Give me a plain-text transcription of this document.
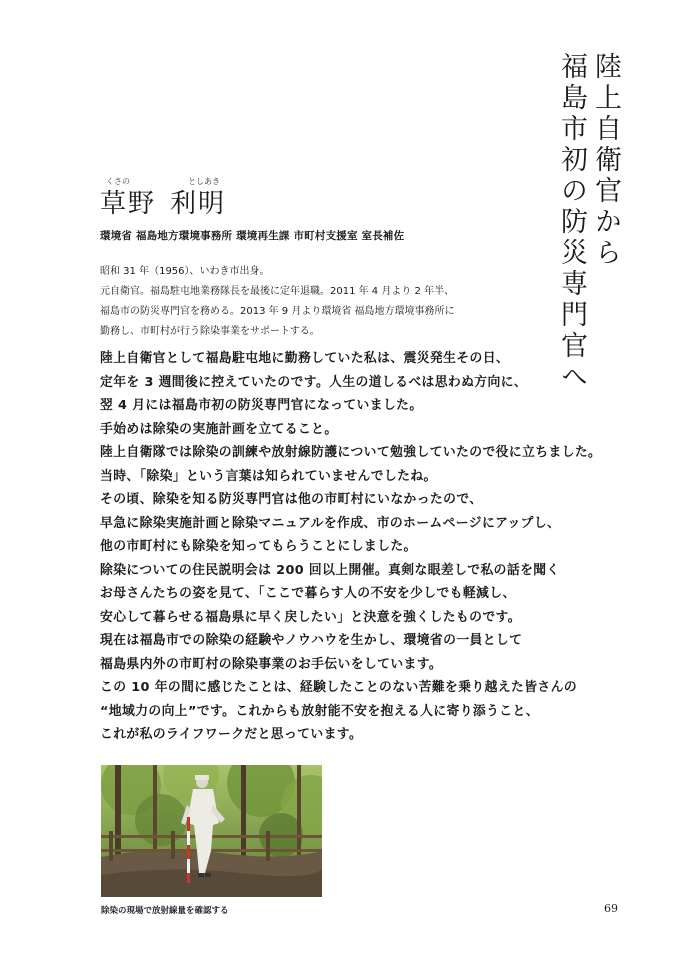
陸上自衛官から
福島市初の防災専門官へ
くさの	としあき
草野 利明
環境省 福島地方環境事務所 環境再生課 市町村支援室 室長補佐
昭和 31 年（1956）、いわき市出身。
元自衛官。福島駐屯地業務隊長を最後に定年退職。2011 年 4 月より 2 年半、
福島市の防災専門官を務める。2013 年 9 月より環境省 福島地方環境事務所に
勤務し、市町村が行う除染事業をサポートする。
陸上自衛官として福島駐屯地に勤務していた私は、震災発生その日、
定年を 3 週間後に控えていたのです。人生の道しるべは思わぬ方向に、
翌 4 月には福島市初の防災専門官になっていました。
手始めは除染の実施計画を立てること。
陸上自衛隊では除染の訓練や放射線防護について勉強していたので役に立ちました。
当時、「除染」という言葉は知られていませんでしたね。
その頃、除染を知る防災専門官は他の市町村にいなかったので、
早急に除染実施計画と除染マニュアルを作成、市のホームページにアップし、
他の市町村にも除染を知ってもらうことにしました。
除染についての住民説明会は 200 回以上開催。真剣な眼差しで私の話を聞く
お母さんたちの姿を見て、「ここで暮らす人の不安を少しでも軽減し、
安心して暮らせる福島県に早く戻したい」と決意を強くしたものです。
現在は福島市での除染の経験やノウハウを生かし、環境省の一員として
福島県内外の市町村の除染事業のお手伝いをしています。
この 10 年の間に感じたことは、経験したことのない苦難を乗り越えた皆さんの
“地域力の向上”です。これからも放射能不安を抱える人に寄り添うこと、
これが私のライフワークだと思っています。
除染の現場で放射線量を確認する	69
